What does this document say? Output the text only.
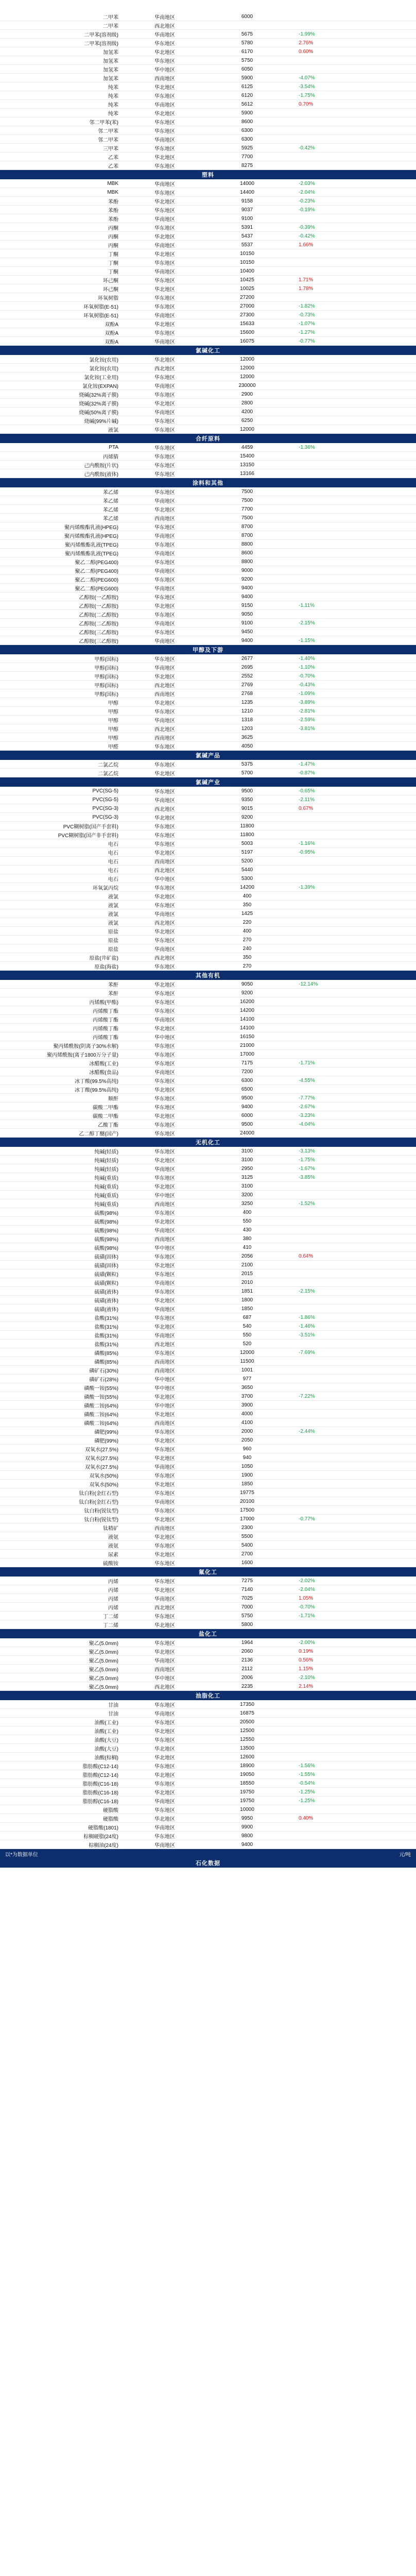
二甲苯	华南地区	6000
二甲苯	西北地区
二甲苯(溶剂级)	华南地区	5675	-1.99%
二甲苯(溶剂级)	华东地区	5780	2.76%
加氢苯	华北地区	6170	0.60%
加氢苯	华东地区	5750
加氢苯	华中地区	6050
加氢苯	西南地区	5900	-4.07%
纯苯	华北地区	6125	-3.54%
纯苯	华东地区	6120	-1.75%
纯苯	华南地区	5612	0.70%
纯苯	华北地区	5900
邻二甲苯(苯)	华东地区	8600
邻二甲苯	华东地区	6300
邻二甲苯	华南地区	6300
三甲苯	华东地区	5925	-0.42%
乙苯	华北地区	7700
乙苯	华东地区	8275
塑料
MBK	华南地区	14000	-2.03%
MBK	华东地区	14400	-2.04%
苯酚	华北地区	9158	-0.23%
苯酚	华东地区	9037	-0.19%
苯酚	华南地区	9100
丙酮	华东地区	5391	-0.39%
丙酮	华北地区	5437	-0.42%
丙酮	华南地区	5537	1.66%
丁酮	华北地区	10150
丁酮	华东地区	10150
丁酮	华南地区	10400
环己酮	华东地区	10425	1.71%
环己酮	华北地区	10025	1.78%
环氧树脂	华东地区	27200
环氧树脂(E-51)	华东地区	27000	-1.82%
环氧树脂(E-51)	华南地区	27300	-0.73%
双酚A	华北地区	15633	-1.07%
双酚A	华东地区	15600	-1.27%
双酚A	华南地区	16075	-0.77%
氯碱化工
氯化铵(农用)	华北地区	12000
氯化铵(农用)	西北地区	12000
氯化铵(工业用)	华东地区	12000
氯化铵(EXPAN)	华南地区	230000
烧碱(32%离子膜)	华东地区	2900
烧碱(32%离子膜)	华北地区	2800
烧碱(50%离子膜)	华南地区	4200
烧碱(99%片碱)	华东地区	6250
液氯	华东地区	12000
合纤原料
PTA	华东地区	4459	-1.36%
丙烯腈	华东地区	15400
己内酰胺(片状)	华东地区	13150
己内酰胺(液体)	华东地区	13166
涂料和其他
苯乙烯	华东地区	7500
苯乙烯	华南地区	7500
苯乙烯	华北地区	7700
苯乙烯	西南地区	7500
聚丙烯酸酯乳液(HPEG)	华东地区	8700
聚丙烯酸酯乳液(HPEG)	华南地区	8700
聚丙烯酸酯乳液(TPEG)	华东地区	8800
聚丙烯酸酯乳液(TPEG)	华南地区	8600
聚乙二醇(PEG400)	华东地区	8800
聚乙二醇(PEG400)	华南地区	9000
聚乙二醇(PEG600)	华东地区	9200
聚乙二醇(PEG600)	华南地区	9400
乙醇胺(一乙醇胺)	华东地区	9400
乙醇胺(一乙醇胺)	华北地区	9150	-1.11%
乙醇胺(二乙醇胺)	华东地区	9050
乙醇胺(二乙醇胺)	华南地区	9100	-2.15%
乙醇胺(三乙醇胺)	华东地区	9450
乙醇胺(三乙醇胺)	华南地区	9400	-1.15%
甲醇及下游
甲醇(国标)	华东地区	2677	-1.40%
甲醇(国标)	华南地区	2695	-1.10%
甲醇(国标)	华北地区	2552	-0.70%
甲醇(国标)	西北地区	2769	-0.43%
甲醇(国标)	西南地区	2768	-1.09%
甲醇	华北地区	1235	-3.89%
甲醇	华东地区	1210	-2.81%
甲醇	华南地区	1318	-2.59%
甲醇	西北地区	1203	-3.81%
甲醇	西南地区	3625
甲醛	华东地区	4050
氯碱产品
二氯乙烷	华东地区	5375	-1.47%
二氯乙烷	华北地区	5700	-0.87%
氯碱产业
PVC(SG-5)	华东地区	9500	-0.65%
PVC(SG-5)	华南地区	9350	-2.11%
PVC(SG-3)	西北地区	9015	0.67%
PVC(SG-3)	华北地区	9200
PVC糊树脂(国产手套料)	华东地区	11800
PVC糊树脂(国产非手套料)	华东地区	11800
电石	华东地区	5003	-1.16%
电石	华北地区	5197	-0.95%
电石	西南地区	5200
电石	西北地区	5440
电石	华中地区	5300
环氧氯丙烷	华东地区	14200	-1.39%
液氯	华北地区	400
液氯	华东地区	350
液氯	华南地区	1425
液氯	西北地区	220
原盐	华北地区	400
原盐	华东地区	270
原盐	华南地区	240
原盐(井矿盐)	西北地区	350
原盐(海盐)	华东地区	270
其他有机
苯酐	华北地区	9050	-12.14%
苯酐	华东地区	9200
丙烯酸(甲酯)	华东地区	16200
丙烯酸丁酯	华东地区	14200
丙烯酸丁酯	华南地区	14100
丙烯酸丁酯	华北地区	14100
丙烯酸丁酯	华中地区	16150
聚丙烯酰胺(阴离子30%水解)	华东地区	21000
聚丙烯酰胺(离子1800万分子量)	华东地区	17000
冰醋酸(工业)	华东地区	7175	-1.71%
冰醋酸(食品)	华南地区	7200
冰丁酸(99.5%高纯)	华东地区	6300	-4.55%
冰丁酸(99.5%高纯)	华北地区	6500
顺酐	华东地区	9500	-7.77%
碳酸二甲酯	华东地区	9400	-2.67%
碳酸二甲酯	华北地区	6000	-3.23%
乙酸丁酯	华东地区	9500	-4.04%
乙二醇丁醚(国产)	华东地区	24000
无机化工
纯碱(轻质)	华东地区	3100	-3.13%
纯碱(轻质)	华北地区	3100	-1.75%
纯碱(轻质)	华南地区	2950	-1.67%
纯碱(重质)	华东地区	3125	-3.85%
纯碱(重质)	华北地区	3100
纯碱(重质)	华中地区	3200
纯碱(重质)	西南地区	3250	-1.52%
硫酸(98%)	华东地区	400
硫酸(98%)	华北地区	550
硫酸(98%)	华南地区	430
硫酸(98%)	西南地区	380
硫酸(98%)	华中地区	410
硫磺(固体)	华东地区	2056	0.64%
硫磺(固体)	华北地区	2100
硫磺(颗粒)	华东地区	2015
硫磺(颗粒)	华南地区	2010
硫磺(液体)	华东地区	1851	-2.15%
硫磺(液体)	华北地区	1800
硫磺(液体)	华南地区	1850
盐酸(31%)	华东地区	687	-1.86%
盐酸(31%)	华北地区	540	-1.46%
盐酸(31%)	华南地区	550	-3.51%
盐酸(31%)	西北地区	520
磷酸(85%)	华东地区	12000	-7.69%
磷酸(85%)	西南地区	11500
磷矿石(30%)	西南地区	1001
磷矿石(28%)	华中地区	977
磷酸一铵(55%)	华中地区	3650
磷酸一铵(55%)	华北地区	3700	-7.22%
磷酸二铵(64%)	华中地区	3900
磷酸二铵(64%)	华北地区	4000
磷酸二铵(64%)	西南地区	4100
磷肥(99%)	华东地区	2000	-2.44%
磷肥(99%)	华北地区	2050
双氧水(27.5%)	华东地区	960
双氧水(27.5%)	华北地区	940
双氧水(27.5%)	华南地区	1050
双氧水(50%)	华东地区	1900
双氧水(50%)	华北地区	1850
钛白粉(金红石型)	华东地区	19775
钛白粉(金红石型)	华南地区	20100
钛白粉(锐钛型)	华东地区	17500
钛白粉(锐钛型)	华北地区	17000	-0.77%
钛精矿	西南地区	2300
液氨	华北地区	5500
液氨	华东地区	5400
尿素	华北地区	2700
硫酸铵	华东地区	1600
氟化工
丙烯	华东地区	7275	-2.02%
丙烯	华北地区	7140	-2.04%
丙烯	华南地区	7025	1.05%
丙烯	西北地区	7000	-0.70%
丁二烯	华东地区	5750	-1.71%
丁二烯	华北地区	5800
盐化工
聚乙(5.0mm)	华东地区	1964	-2.00%
聚乙(5.0mm)	华北地区	2060	0.19%
聚乙(5.0mm)	华南地区	2136	0.56%
聚乙(5.0mm)	西南地区	2112	1.15%
聚乙(5.0mm)	华中地区	2006	-2.10%
聚乙(5.0mm)	西北地区	2235	2.14%
油脂化工
甘油	华东地区	17350
甘油	华南地区	16875
油酸(工业)	华东地区	20500
油酸(工业)	华北地区	12500
油酸(大豆)	华东地区	12550
油酸(大豆)	华北地区	13500
油酸(棕榈)	华北地区	12600
脂肪酸(C12-14)	华东地区	18900	-1.56%
脂肪酸(C12-14)	华北地区	19050	-1.55%
脂肪酸(C16-18)	华东地区	18550	-0.54%
脂肪酸(C16-18)	华北地区	19750	-1.25%
脂肪醇(C16-18)	华南地区	19750	-1.25%
硬脂酸	华东地区	10000
硬脂酸	华北地区	9950	0.40%
硬脂酸(1801)	华南地区	9900
棕榈硬脂(24度)	华东地区	9800
棕榈油(24度)	华南地区	9400
以*为数据单位	元/吨
石化数据
